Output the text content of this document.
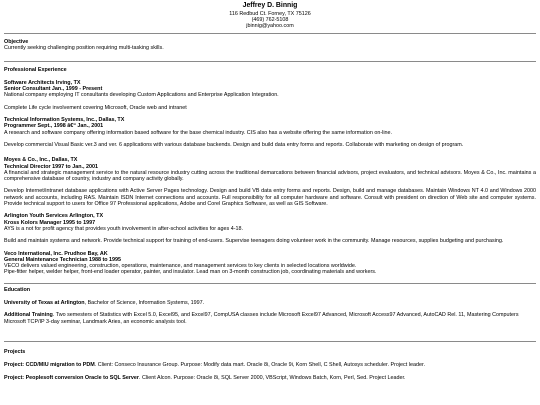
Jeffrey D. Binnig
116 Redbud Ct. Forney, TX 75126
(469) 762-5108
jbinnig@yahoo.com
Objective

Currently seeking challenging position requiring multi-tasking skills.

Professional Experience
Software Architects Irving, TX
Senior Consultant Jan., 1999 - Present

National company employing IT consultants developing Custom Applications and Enterprise Application Integration.

Complete Life cycle involvement covering Microsoft, Oracle web and intranet

Technical Information Systems, Inc., Dallas, TX
Programmer Sept., 1998 â€“ Jan., 2001

A research and software company offering information based software for the base chemical industry. CIS also has a website offering the same information on-line.

Develop commercial Visual Basic ver.3 and ver. 6 applications with various database backends. Design and build data entry forms and reports. Collaborate with marketing on design of program.

Moyes & Co., Inc., Dallas, TX
Technical Director 1997 to Jan., 2001

A financial and strategic management service to the natural resource industry cutting across the traditional demarcations between financial advisors, project evaluators, and technical advisors. Moyes & Co., Inc. maintains a comprehensive database of country, industry and company activity globally.

Develop Internet/intranet database applications with Active Server Pages technology. Design and build VB data entry forms and reports. Design, build and manage databases. Maintain Windows NT 4.0 and Windows 2000 network and accounts, including RAS. Maintain ISDN Internet connections and accounts. Full responsibility for all computer hardware and software. Consult with president on direction of Web site and computer systems. Provide technical support to users for Office 97 Professional applications, Adobe and Corel Graphics Software, as well as GIS Software.

Arlington Youth Services Arlington, TX
Kross Kolors Manager 1995 to 1997

AYS is a not for profit agency that provides youth involvement in after-school activities for ages 4-18.

Build and maintain systems and network. Provide technical support for training of end-users. Supervise teenagers doing volunteer work in the community. Manage resources, supplies budgeting and purchasing.

Veco International, Inc. Prudhoe Bay, AK
General Maintenance Technician 1988 to 1995

VECO delivers valued engineering, construction, operations, maintenance, and management services to key clients in selected locations worldwide.

Pipe-fitter helper, welder helper, front-end loader operator, painter, and insulator. Lead man on 3-month construction job, coordinating materials and workers.

Education

University of Texas at Arlington, Bachelor of Science, Information Systems, 1997.

Additional Training. Two semesters of Statistics with Excel 5.0, Excel95, and Excel97, CompUSA classes include Microsoft Excel97 Advanced, Microsoft Access97 Advanced, AutoCAD Rel. 11, Mastering Computers Microsoft TCP/IP 3-day seminar, Landmark Aries, an economic analysis tool.

Projects

Project: CCD/MIU migration to PDM. Client: Conseco Insurance Group. Purpose: Modify data mart. Oracle 8i, Oracle 9i, Korn Shell, C Shell, Autosys scheduler. Project leader.

Project: Peoplesoft conversion Oracle to SQL Server. Client Alcon. Purpose: Oracle 8i, SQL Server 2000, VBScript, Windows Batch, Korn, Perl, Sed. Project Leader.
